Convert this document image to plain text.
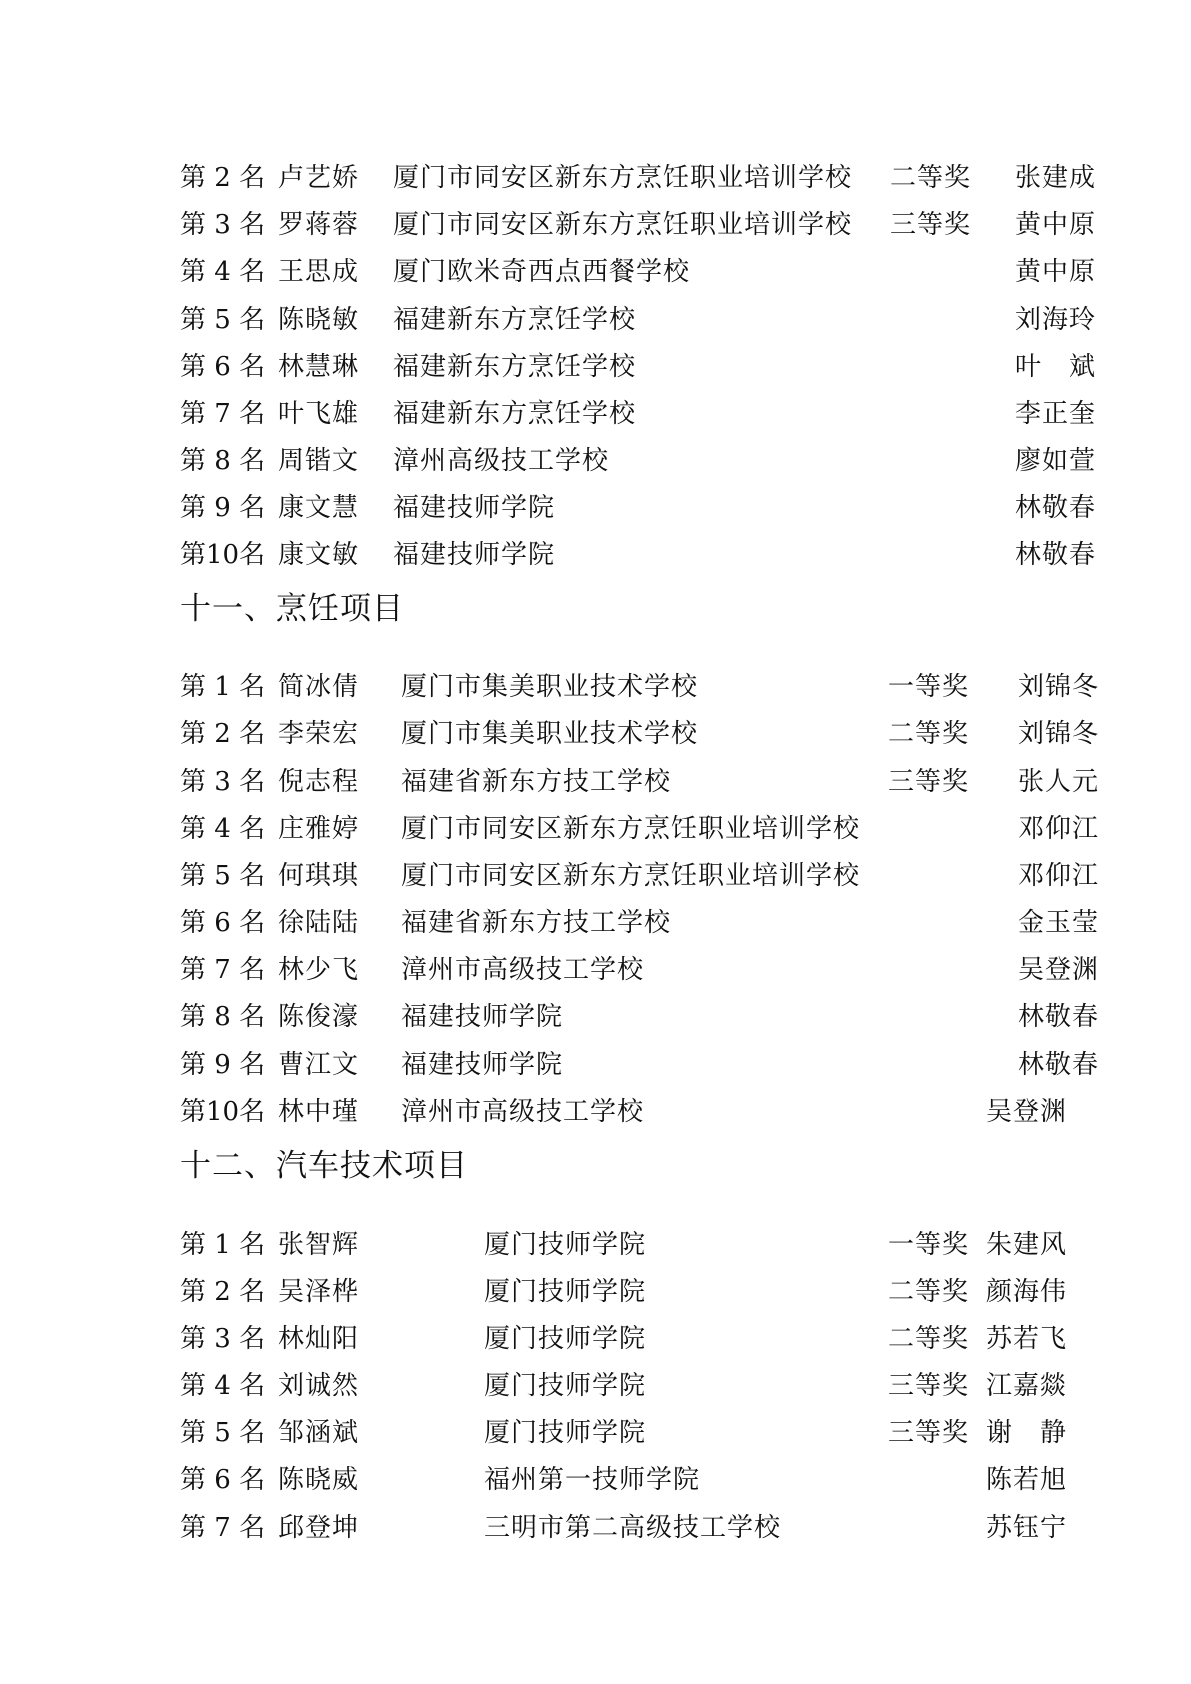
第 2 名 卢艺娇 厦门市同安区新东方烹饪职业培训学校 二等奖 张建成
第 3 名 罗蒋蓉 厦门市同安区新东方烹饪职业培训学校 三等奖 黄中原
第 4 名 王思成 厦门欧米奇西点西餐学校	黄中原
第 5 名 陈晓敏 福建新东方烹饪学校	刘海玲
第 6 名 林慧琳 福建新东方烹饪学校	叶　斌
第 7 名 叶飞雄 福建新东方烹饪学校	李正奎
第 8 名 周锴文 漳州高级技工学校	廖如萱
第 9 名 康文慧 福建技师学院	林敬春
第10名 康文敏 福建技师学院	林敬春
十一、烹饪项目
第 1 名 简冰倩 厦门市集美职业技术学校	一等奖 刘锦冬
第 2 名 李荣宏 厦门市集美职业技术学校	二等奖 刘锦冬
第 3 名 倪志程 福建省新东方技工学校	三等奖 张人元
第 4 名 庄雅婷 厦门市同安区新东方烹饪职业培训学校	邓仰江
第 5 名 何琪琪 厦门市同安区新东方烹饪职业培训学校	邓仰江
第 6 名 徐陆陆 福建省新东方技工学校	金玉莹
第 7 名 林少飞 漳州市高级技工学校	吴登渊
第 8 名 陈俊濠 福建技师学院	林敬春
第 9 名 曹江文 福建技师学院	林敬春
第10名 林中瑾 漳州市高级技工学校	吴登渊
十二、汽车技术项目
第 1 名 张智辉	厦门技师学院	一等奖 朱建风
第 2 名 吴泽桦	厦门技师学院	二等奖 颜海伟
第 3 名 林灿阳	厦门技师学院	二等奖 苏若飞
第 4 名 刘诚然	厦门技师学院	三等奖 江嘉燚
第 5 名 邹涵斌	厦门技师学院	三等奖 谢　静
第 6 名 陈晓威	福州第一技师学院	陈若旭
第 7 名 邱登坤	三明市第二高级技工学校	苏钰宁
